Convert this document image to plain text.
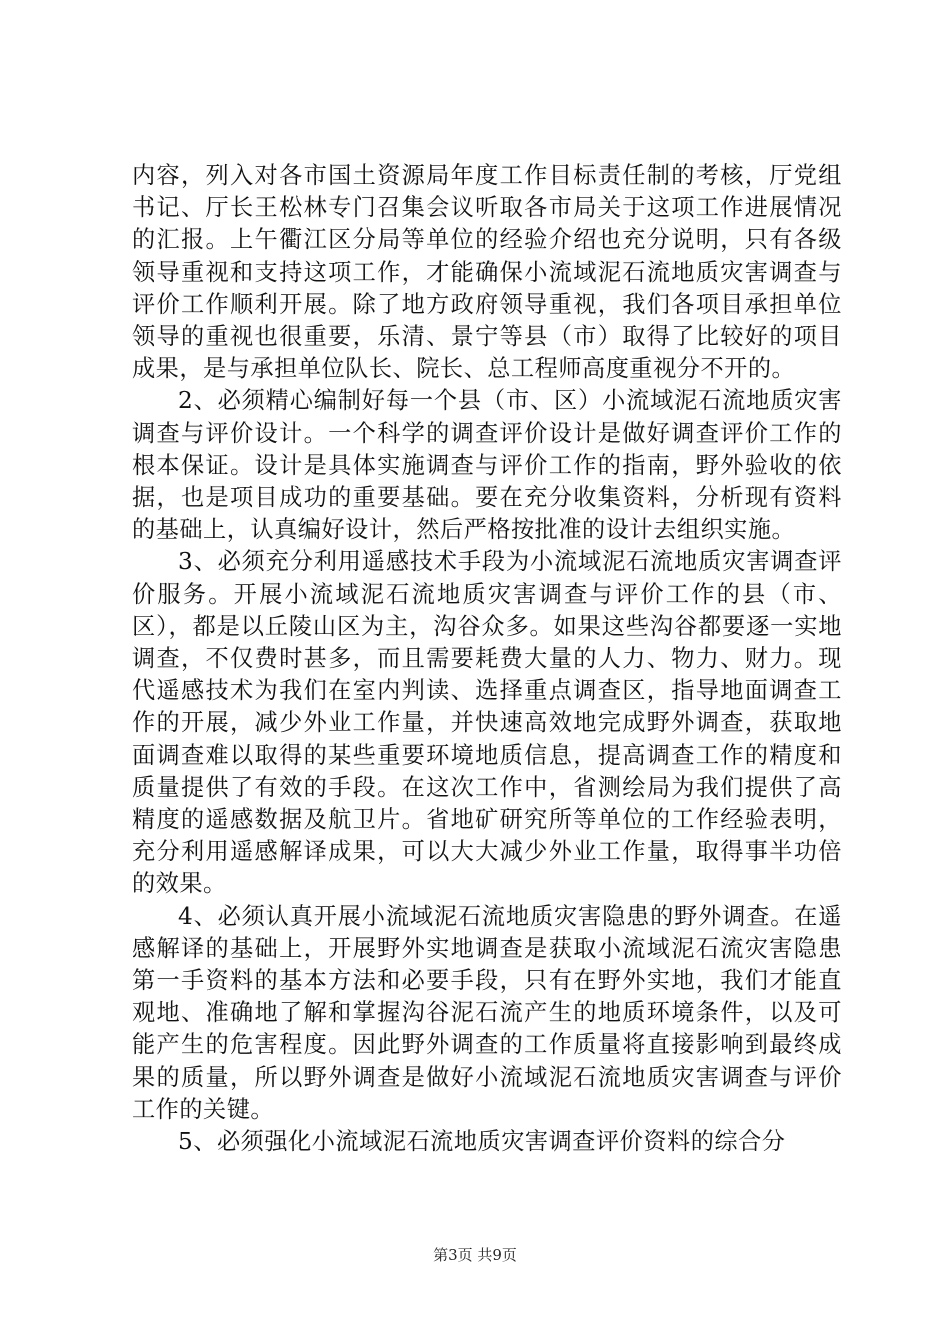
内容，列入对各市国土资源局年度工作目标责任制的考核，厅党组书记、厅长王松林专门召集会议听取各市局关于这项工作进展情况的汇报。上午衢江区分局等单位的经验介绍也充分说明，只有各级领导重视和支持这项工作，才能确保小流域泥石流地质灾害调查与评价工作顺利开展。除了地方政府领导重视，我们各项目承担单位领导的重视也很重要，乐清、景宁等县（市）取得了比较好的项目成果，是与承担单位队长、院长、总工程师高度重视分不开的。

2、必须精心编制好每一个县（市、区）小流域泥石流地质灾害调查与评价设计。一个科学的调查评价设计是做好调查评价工作的根本保证。设计是具体实施调查与评价工作的指南，野外验收的依据，也是项目成功的重要基础。要在充分收集资料，分析现有资料的基础上，认真编好设计，然后严格按批准的设计去组织实施。

3、必须充分利用遥感技术手段为小流域泥石流地质灾害调查评价服务。开展小流域泥石流地质灾害调查与评价工作的县（市、区），都是以丘陵山区为主，沟谷众多。如果这些沟谷都要逐一实地调查，不仅费时甚多，而且需要耗费大量的人力、物力、财力。现代遥感技术为我们在室内判读、选择重点调查区，指导地面调查工作的开展，减少外业工作量，并快速高效地完成野外调查，获取地面调查难以取得的某些重要环境地质信息，提高调查工作的精度和质量提供了有效的手段。在这次工作中，省测绘局为我们提供了高精度的遥感数据及航卫片。省地矿研究所等单位的工作经验表明，充分利用遥感解译成果，可以大大减少外业工作量，取得事半功倍的效果。

4、必须认真开展小流域泥石流地质灾害隐患的野外调查。在遥感解译的基础上，开展野外实地调查是获取小流域泥石流灾害隐患第一手资料的基本方法和必要手段，只有在野外实地，我们才能直观地、准确地了解和掌握沟谷泥石流产生的地质环境条件，以及可能产生的危害程度。因此野外调查的工作质量将直接影响到最终成果的质量，所以野外调查是做好小流域泥石流地质灾害调查与评价工作的关键。

5、必须强化小流域泥石流地质灾害调查评价资料的综合分

第3页 共9页
